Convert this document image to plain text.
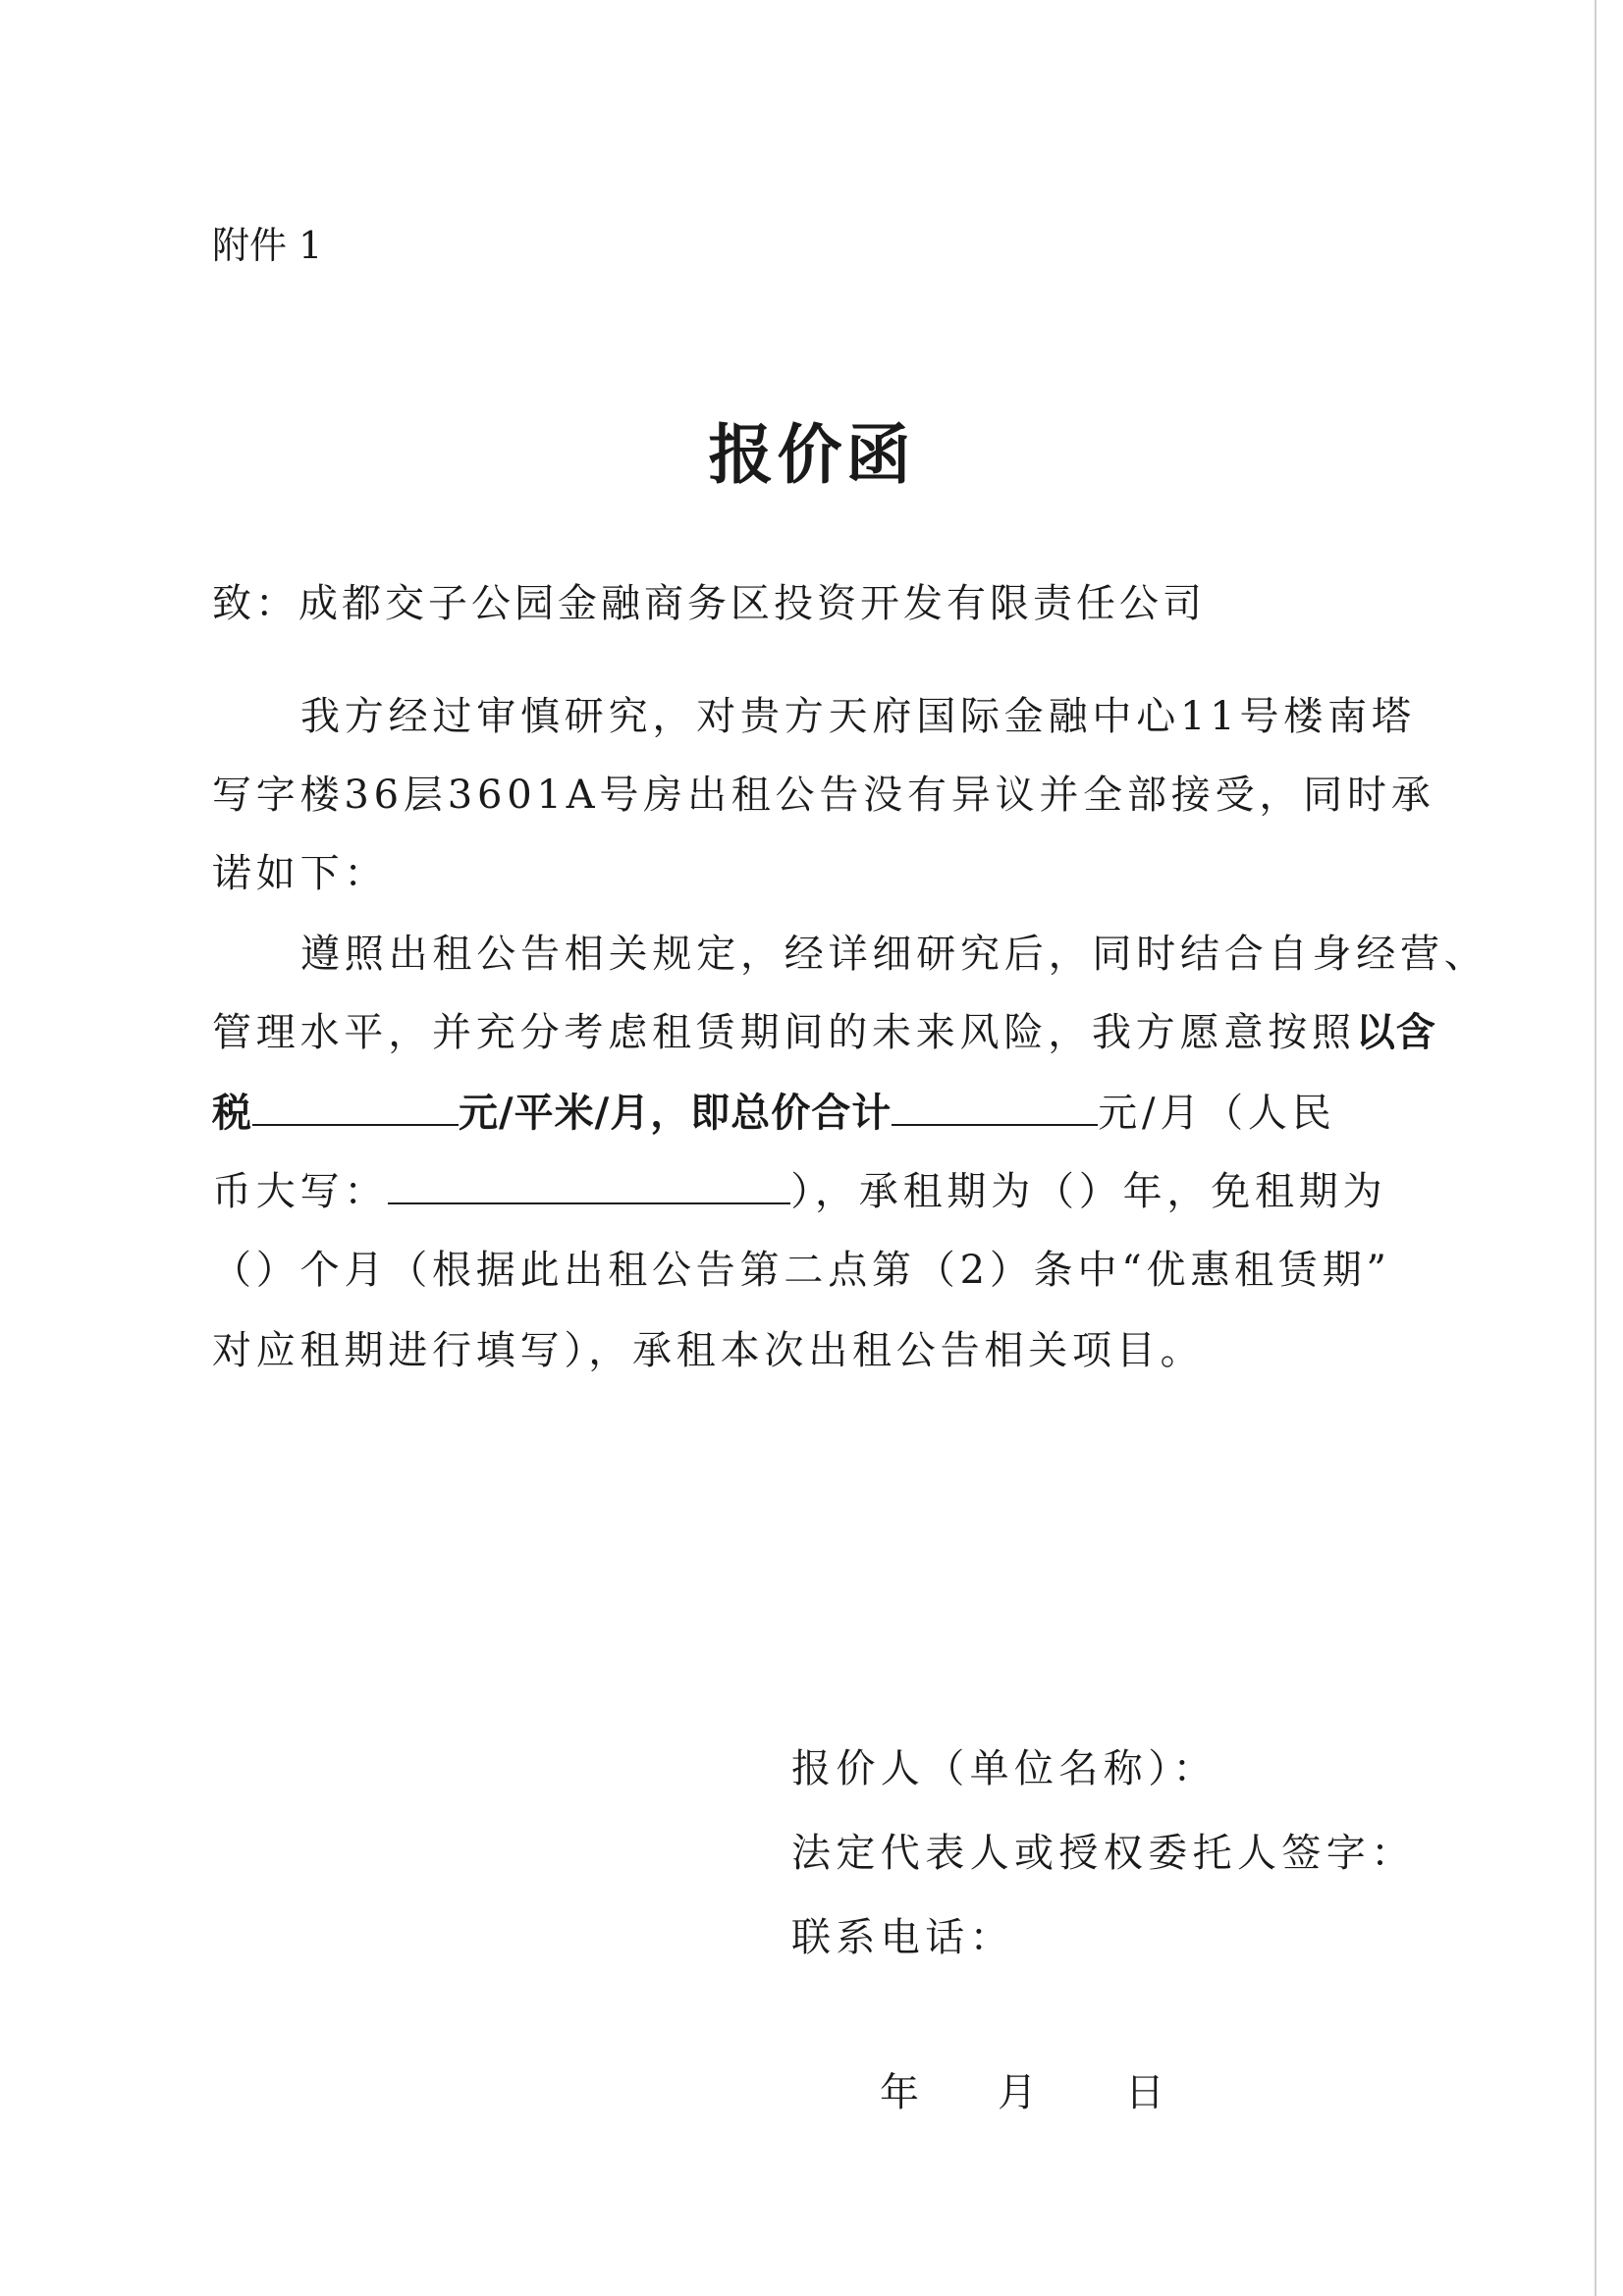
附件 1
报价函
致：成都交子公园金融商务区投资开发有限责任公司
我方经过审慎研究，对贵方天府国际金融中心11号楼南塔
写字楼36层3601A号房出租公告没有异议并全部接受，同时承
诺如下：
遵照出租公告相关规定，经详细研究后，同时结合自身经营、
管理水平，并充分考虑租赁期间的未来风险，我方愿意按照以含
税	元/平米/月，即总价合计	元/月（人民
币大写：	），承租期为（）年，免租期为
（）个月（根据此出租公告第二点第（2）条中“优惠租赁期”
对应租期进行填写），承租本次出租公告相关项目。
报价人（单位名称）：
法定代表人或授权委托人签字：
联系电话：
年 月 日
